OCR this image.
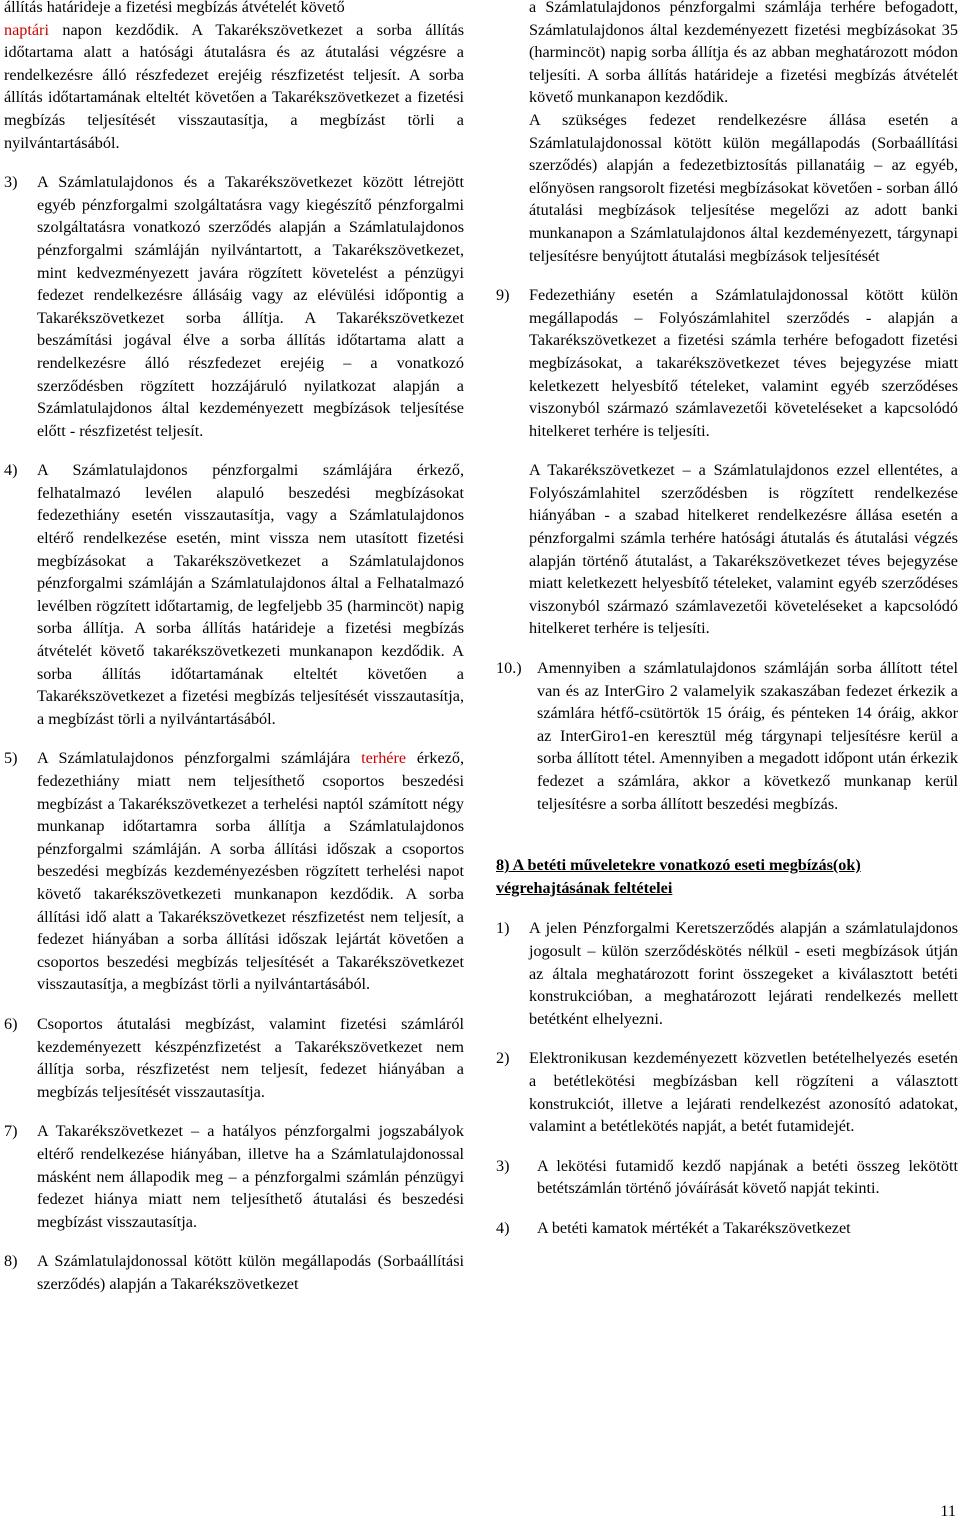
állítás határideje a fizetési megbízás átvételét követő
naptári napon kezdődik. A Takarékszövetkezet a sorba állítás időtartama alatt a hatósági átutalásra és az átutalási végzésre a rendelkezésre álló részfedezet erejéig részfizetést teljesít. A sorba állítás időtartamának elteltét követően a Takarékszövetkezet a fizetési megbízás teljesítését visszautasítja, a megbízást törli a nyilvántartásából.

3) A Számlatulajdonos és a Takarékszövetkezet között létrejött egyéb pénzforgalmi szolgáltatásra vagy kiegészítő pénzforgalmi szolgáltatásra vonatkozó szerződés alapján a Számlatulajdonos pénzforgalmi számláján nyilvántartott, a Takarékszövetkezet, mint kedvezményezett javára rögzített követelést a pénzügyi fedezet rendelkezésre állásáig vagy az elévülési időpontig a Takarékszövetkezet sorba állítja. A Takarékszövetkezet beszámítási jogával élve a sorba állítás időtartama alatt a rendelkezésre álló részfedezet erejéig – a vonatkozó szerződésben rögzített hozzájáruló nyilatkozat alapján a Számlatulajdonos által kezdeményezett megbízások teljesítése előtt - részfizetést teljesít.
4) A Számlatulajdonos pénzforgalmi számlájára érkező, felhatalmazó levélen alapuló beszedési megbízásokat fedezethiány esetén visszautasítja, vagy a Számlatulajdonos eltérő rendelkezése esetén, mint vissza nem utasított fizetési megbízásokat a Takarékszövetkezet a Számlatulajdonos pénzforgalmi számláján a Számlatulajdonos által a Felhatalmazó levélben rögzített időtartamig, de legfeljebb 35 (harmincöt) napig sorba állítja. A sorba állítás határideje a fizetési megbízás átvételét követő takarékszövetkezeti munkanapon kezdődik. A sorba állítás időtartamának elteltét követően a Takarékszövetkezet a fizetési megbízás teljesítését visszautasítja, a megbízást törli a nyilvántartásából.
5) A Számlatulajdonos pénzforgalmi számlájára terhére érkező, fedezethiány miatt nem teljesíthető csoportos beszedési megbízást a Takarékszövetkezet a terhelési naptól számított négy munkanap időtartamra sorba állítja a Számlatulajdonos pénzforgalmi számláján. A sorba állítási időszak a csoportos beszedési megbízás kezdeményezésben rögzített terhelési napot követő takarékszövetkezeti munkanapon kezdődik. A sorba állítási idő alatt a Takarékszövetkezet részfizetést nem teljesít, a fedezet hiányában a sorba állítási időszak lejártát követően a csoportos beszedési megbízás teljesítését a Takarékszövetkezet visszautasítja, a megbízást törli a nyilvántartásából.
6) Csoportos átutalási megbízást, valamint fizetési számláról kezdeményezett készpénzfizetést a Takarékszövetkezet nem állítja sorba, részfizetést nem teljesít, fedezet hiányában a megbízás teljesítését visszautasítja.
7) A Takarékszövetkezet – a hatályos pénzforgalmi jogszabályok eltérő rendelkezése hiányában, illetve ha a Számlatulajdonossal másként nem állapodik meg – a pénzforgalmi számlán pénzügyi fedezet hiánya miatt nem teljesíthető átutalási és beszedési megbízást visszautasítja.
8) A Számlatulajdonossal kötött külön megállapodás (Sorbaállítási szerződés) alapján a Takarékszövetkezet

a Számlatulajdonos pénzforgalmi számlája terhére befogadott, Számlatulajdonos által kezdeményezett fizetési megbízásokat 35 (harmincöt) napig sorba állítja és az abban meghatározott módon teljesíti. A sorba állítás határideje a fizetési megbízás átvételét követő munkanapon kezdődik.

A szükséges fedezet rendelkezésre állása esetén a Számlatulajdonossal kötött külön megállapodás (Sorbaállítási szerződés) alapján a fedezetbiztosítás pillanatáig – az egyéb, előnyösen rangsorolt fizetési megbízásokat követően - sorban álló átutalási megbízások teljesítése megelőzi az adott banki munkanapon a Számlatulajdonos által kezdeményezett, tárgynapi teljesítésre benyújtott átutalási megbízások teljesítését

9) Fedezethiány esetén a Számlatulajdonossal kötött külön megállapodás – Folyószámlahitel szerződés - alapján a Takarékszövetkezet a fizetési számla terhére befogadott fizetési megbízásokat, a takarékszövetkezet téves bejegyzése miatt keletkezett helyesbítő tételeket, valamint egyéb szerződéses viszonyból származó számlavezetői követeléseket a kapcsolódó hitelkeret terhére is teljesíti.
A Takarékszövetkezet – a Számlatulajdonos ezzel ellentétes, a Folyószámlahitel szerződésben is rögzített rendelkezése hiányában - a szabad hitelkeret rendelkezésre állása esetén a pénzforgalmi számla terhére hatósági átutalás és átutalási végzés alapján történő átutalást, a Takarékszövetkezet téves bejegyzése miatt keletkezett helyesbítő tételeket, valamint egyéb szerződéses viszonyból származó számlavezetői követeléseket a kapcsolódó hitelkeret terhére is teljesíti.
10.) Amennyiben a számlatulajdonos számláján sorba állított tétel van és az InterGiro 2 valamelyik szakaszában fedezet érkezik a számlára hétfő-csütörtök 15 óráig, és pénteken 14 óráig, akkor az InterGiro1-en keresztül még tárgynapi teljesítésre kerül a sorba állított tétel. Amennyiben a megadott időpont után érkezik fedezet a számlára, akkor a következő munkanap kerül teljesítésre a sorba állított beszedési megbízás.
8) A betéti műveletekre vonatkozó eseti megbízás(ok) végrehajtásának feltételei
1) A jelen Pénzforgalmi Keretszerződés alapján a számlatulajdonos jogosult – külön szerződéskötés nélkül - eseti megbízások útján az általa meghatározott forint összegeket a kiválasztott betéti konstrukcióban, a meghatározott lejárati rendelkezés mellett betétként elhelyezni.
2) Elektronikusan kezdeményezett közvetlen betételhelyezés esetén a betétlekötési megbízásban kell rögzíteni a választott konstrukciót, illetve a lejárati rendelkezést azonosító adatokat, valamint a betétlekötés napját, a betét futamidejét.
3) A lekötési futamidő kezdő napjának a betéti összeg lekötött betétszámlán történő jóváírását követő napját tekinti.
4) A betéti kamatok mértékét a Takarékszövetkezet
11
